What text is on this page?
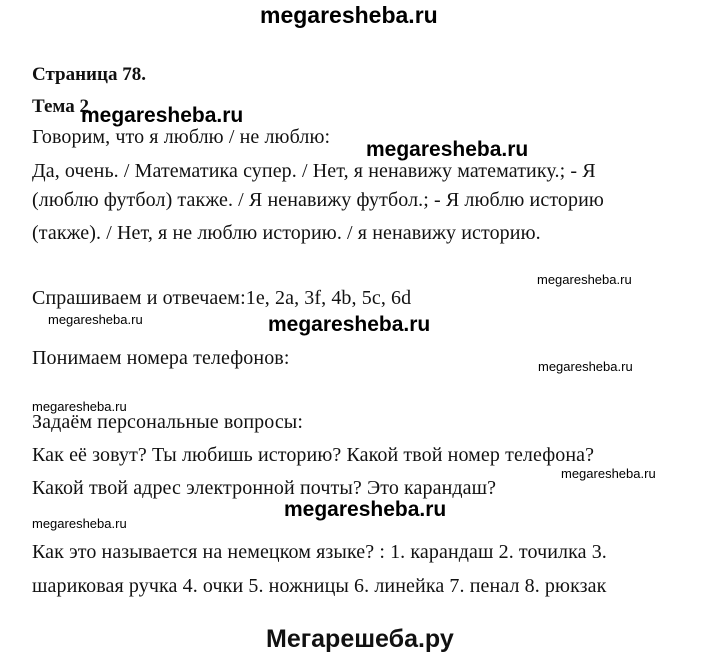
megaresheba.ru
Страница 78.
Тема 2
megaresheba.ru
Говорим, что я люблю / не люблю:
megaresheba.ru
Да, очень. / Математика супер. / Нет, я ненавижу математику.; - Я
(люблю футбол) также. / Я ненавижу футбол.; - Я люблю историю
(также). / Нет, я не люблю историю. / я ненавижу историю.
megaresheba.ru
Спрашиваем и отвечаем:1e, 2a, 3f, 4b, 5c, 6d
megaresheba.ru	megaresheba.ru
Понимаем номера телефонов:	megaresheba.ru
megaresheba.ru
Задаём персональные вопросы:
Как её зовут? Ты любишь историю? Какой твой номер телефона?
megaresheba.ru
Какой твой адрес электронной почты? Это карандаш?
megaresheba.ru
megaresheba.ru
Как это называется на немецком языке? : 1. карандаш 2. точилка 3.
шариковая ручка 4. очки 5. ножницы 6. линейка 7. пенал 8. рюкзак
Мегарешеба.ру
